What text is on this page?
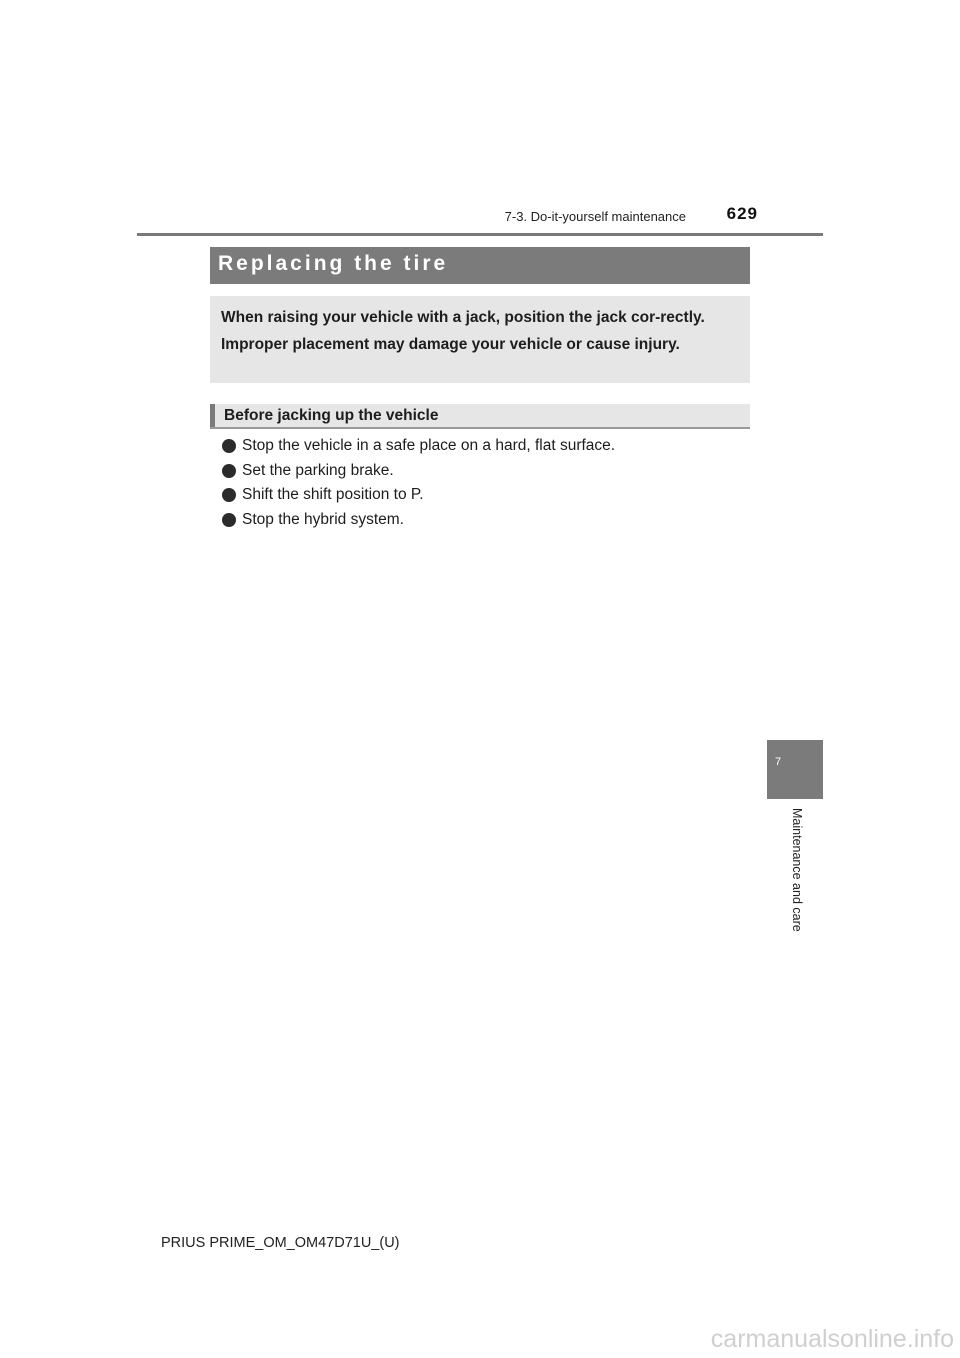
7-3. Do-it-yourself maintenance 629
Replacing the tire

When raising your vehicle with a jack, position the jack cor-rectly.

Improper placement may damage your vehicle or cause injury.

Before jacking up the vehicle
Stop the vehicle in a safe place on a hard, flat surface.
Set the parking brake.
Shift the shift position to P.
Stop the hybrid system.
7
Maintenance and care
PRIUS PRIME_OM_OM47D71U_(U)
carmanualsonline.info
